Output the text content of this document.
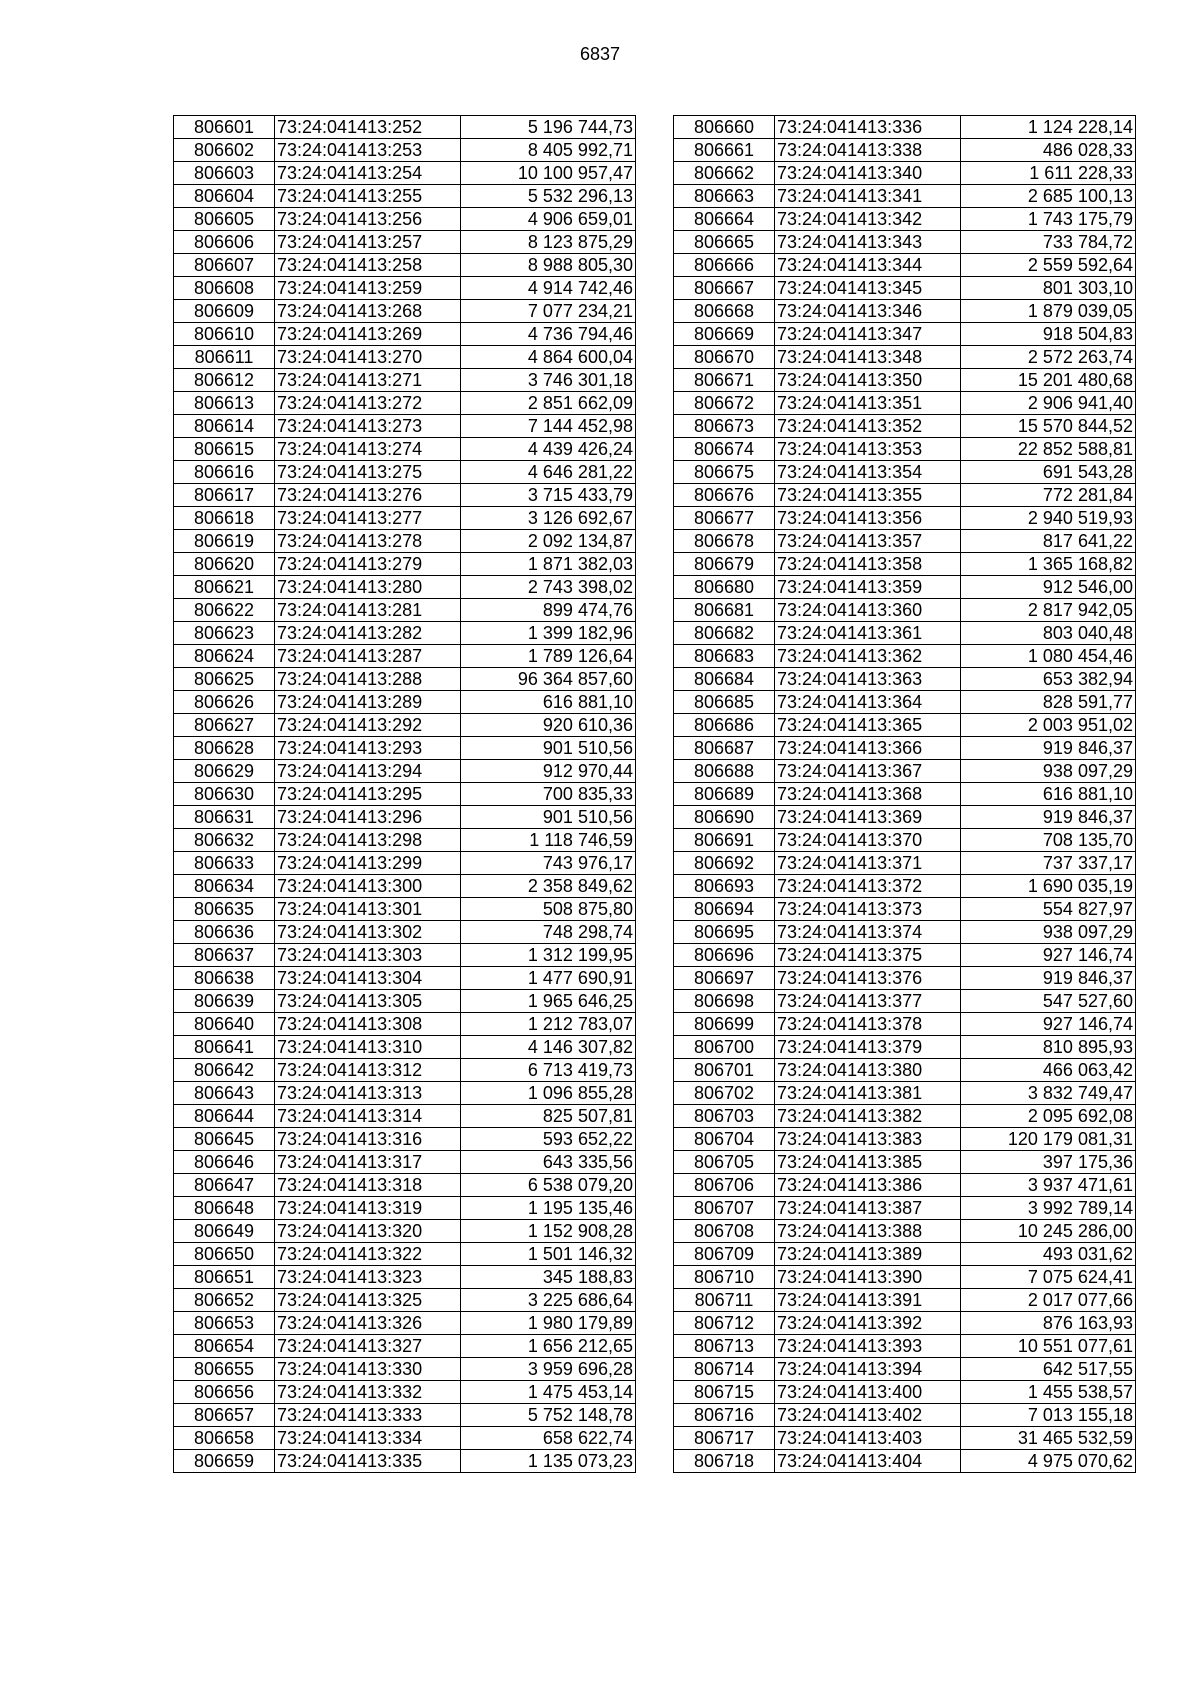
6837
806601	73:24:041413:252	5 196 744,73
806602	73:24:041413:253	8 405 992,71
806603	73:24:041413:254	10 100 957,47
806604	73:24:041413:255	5 532 296,13
806605	73:24:041413:256	4 906 659,01
806606	73:24:041413:257	8 123 875,29
806607	73:24:041413:258	8 988 805,30
806608	73:24:041413:259	4 914 742,46
806609	73:24:041413:268	7 077 234,21
806610	73:24:041413:269	4 736 794,46
806611	73:24:041413:270	4 864 600,04
806612	73:24:041413:271	3 746 301,18
806613	73:24:041413:272	2 851 662,09
806614	73:24:041413:273	7 144 452,98
806615	73:24:041413:274	4 439 426,24
806616	73:24:041413:275	4 646 281,22
806617	73:24:041413:276	3 715 433,79
806618	73:24:041413:277	3 126 692,67
806619	73:24:041413:278	2 092 134,87
806620	73:24:041413:279	1 871 382,03
806621	73:24:041413:280	2 743 398,02
806622	73:24:041413:281	899 474,76
806623	73:24:041413:282	1 399 182,96
806624	73:24:041413:287	1 789 126,64
806625	73:24:041413:288	96 364 857,60
806626	73:24:041413:289	616 881,10
806627	73:24:041413:292	920 610,36
806628	73:24:041413:293	901 510,56
806629	73:24:041413:294	912 970,44
806630	73:24:041413:295	700 835,33
806631	73:24:041413:296	901 510,56
806632	73:24:041413:298	1 118 746,59
806633	73:24:041413:299	743 976,17
806634	73:24:041413:300	2 358 849,62
806635	73:24:041413:301	508 875,80
806636	73:24:041413:302	748 298,74
806637	73:24:041413:303	1 312 199,95
806638	73:24:041413:304	1 477 690,91
806639	73:24:041413:305	1 965 646,25
806640	73:24:041413:308	1 212 783,07
806641	73:24:041413:310	4 146 307,82
806642	73:24:041413:312	6 713 419,73
806643	73:24:041413:313	1 096 855,28
806644	73:24:041413:314	825 507,81
806645	73:24:041413:316	593 652,22
806646	73:24:041413:317	643 335,56
806647	73:24:041413:318	6 538 079,20
806648	73:24:041413:319	1 195 135,46
806649	73:24:041413:320	1 152 908,28
806650	73:24:041413:322	1 501 146,32
806651	73:24:041413:323	345 188,83
806652	73:24:041413:325	3 225 686,64
806653	73:24:041413:326	1 980 179,89
806654	73:24:041413:327	1 656 212,65
806655	73:24:041413:330	3 959 696,28
806656	73:24:041413:332	1 475 453,14
806657	73:24:041413:333	5 752 148,78
806658	73:24:041413:334	658 622,74
806659	73:24:041413:335	1 135 073,23
806660	73:24:041413:336	1 124 228,14
806661	73:24:041413:338	486 028,33
806662	73:24:041413:340	1 611 228,33
806663	73:24:041413:341	2 685 100,13
806664	73:24:041413:342	1 743 175,79
806665	73:24:041413:343	733 784,72
806666	73:24:041413:344	2 559 592,64
806667	73:24:041413:345	801 303,10
806668	73:24:041413:346	1 879 039,05
806669	73:24:041413:347	918 504,83
806670	73:24:041413:348	2 572 263,74
806671	73:24:041413:350	15 201 480,68
806672	73:24:041413:351	2 906 941,40
806673	73:24:041413:352	15 570 844,52
806674	73:24:041413:353	22 852 588,81
806675	73:24:041413:354	691 543,28
806676	73:24:041413:355	772 281,84
806677	73:24:041413:356	2 940 519,93
806678	73:24:041413:357	817 641,22
806679	73:24:041413:358	1 365 168,82
806680	73:24:041413:359	912 546,00
806681	73:24:041413:360	2 817 942,05
806682	73:24:041413:361	803 040,48
806683	73:24:041413:362	1 080 454,46
806684	73:24:041413:363	653 382,94
806685	73:24:041413:364	828 591,77
806686	73:24:041413:365	2 003 951,02
806687	73:24:041413:366	919 846,37
806688	73:24:041413:367	938 097,29
806689	73:24:041413:368	616 881,10
806690	73:24:041413:369	919 846,37
806691	73:24:041413:370	708 135,70
806692	73:24:041413:371	737 337,17
806693	73:24:041413:372	1 690 035,19
806694	73:24:041413:373	554 827,97
806695	73:24:041413:374	938 097,29
806696	73:24:041413:375	927 146,74
806697	73:24:041413:376	919 846,37
806698	73:24:041413:377	547 527,60
806699	73:24:041413:378	927 146,74
806700	73:24:041413:379	810 895,93
806701	73:24:041413:380	466 063,42
806702	73:24:041413:381	3 832 749,47
806703	73:24:041413:382	2 095 692,08
806704	73:24:041413:383	120 179 081,31
806705	73:24:041413:385	397 175,36
806706	73:24:041413:386	3 937 471,61
806707	73:24:041413:387	3 992 789,14
806708	73:24:041413:388	10 245 286,00
806709	73:24:041413:389	493 031,62
806710	73:24:041413:390	7 075 624,41
806711	73:24:041413:391	2 017 077,66
806712	73:24:041413:392	876 163,93
806713	73:24:041413:393	10 551 077,61
806714	73:24:041413:394	642 517,55
806715	73:24:041413:400	1 455 538,57
806716	73:24:041413:402	7 013 155,18
806717	73:24:041413:403	31 465 532,59
806718	73:24:041413:404	4 975 070,62
